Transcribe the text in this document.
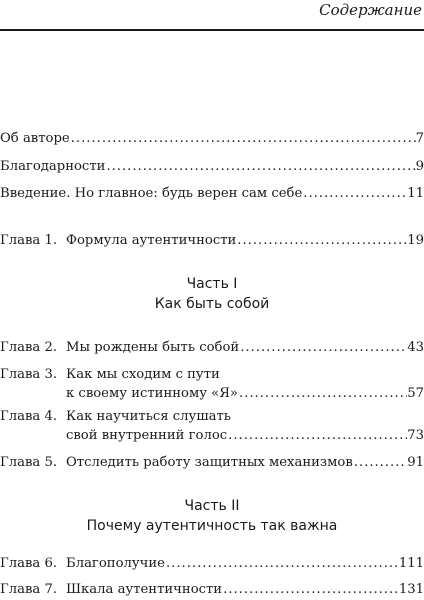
Содержание
Об авторе . . .	7
Благодарности . . .	9
Введение. Но главное: будь верен сам себе . . .	11
Глава 1. Формула аутентичности . . .	19
Часть I
Как быть собой
Глава 2. Мы рождены быть собой . . .	43
Глава 3. Как мы сходим с пути
к своему истинному «Я» . . .	57
Глава 4. Как научиться слушать
свой внутренний голос . . .	73
Глава 5. Отследить работу защитных механизмов . . .	91
Часть II
Почему аутентичность так важна
Глава 6. Благополучие . . .	111
Глава 7. Шкала аутентичности . . .	131
